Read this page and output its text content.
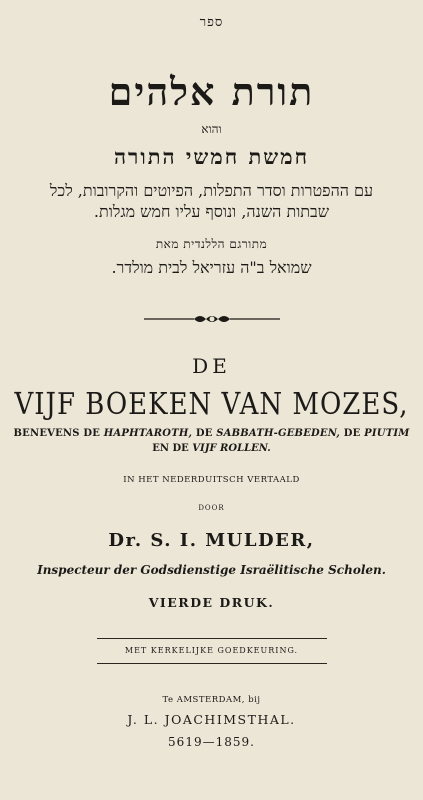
ספר
תורת אלהים
והוא
חמשת חמשי התורה
עם ההפטרות וסדר התפלות, הפיוטים והקרובות, לכל
שבתות השנה, ונוסף עליו חמש מגלות.
מתורגם הללנדית מאת
שמואל ב"ה עזריאל לבית מולדר.
DE
VIJF BOEKEN VAN MOZES,
BENEVENS DE HAPHTAROTH, DE SABBATH-GEBEDEN, DE PIUTIM
EN DE VIJF ROLLEN.
IN HET NEDERDUITSCH VERTAALD
DOOR
Dr. S. I. MULDER,
Inspecteur der Godsdienstige Israëlitische Scholen.
VIERDE DRUK.
MET KERKELIJKE GOEDKEURING.
Te AMSTERDAM, bij
J. L. JOACHIMSTHAL.
5619—1859.
